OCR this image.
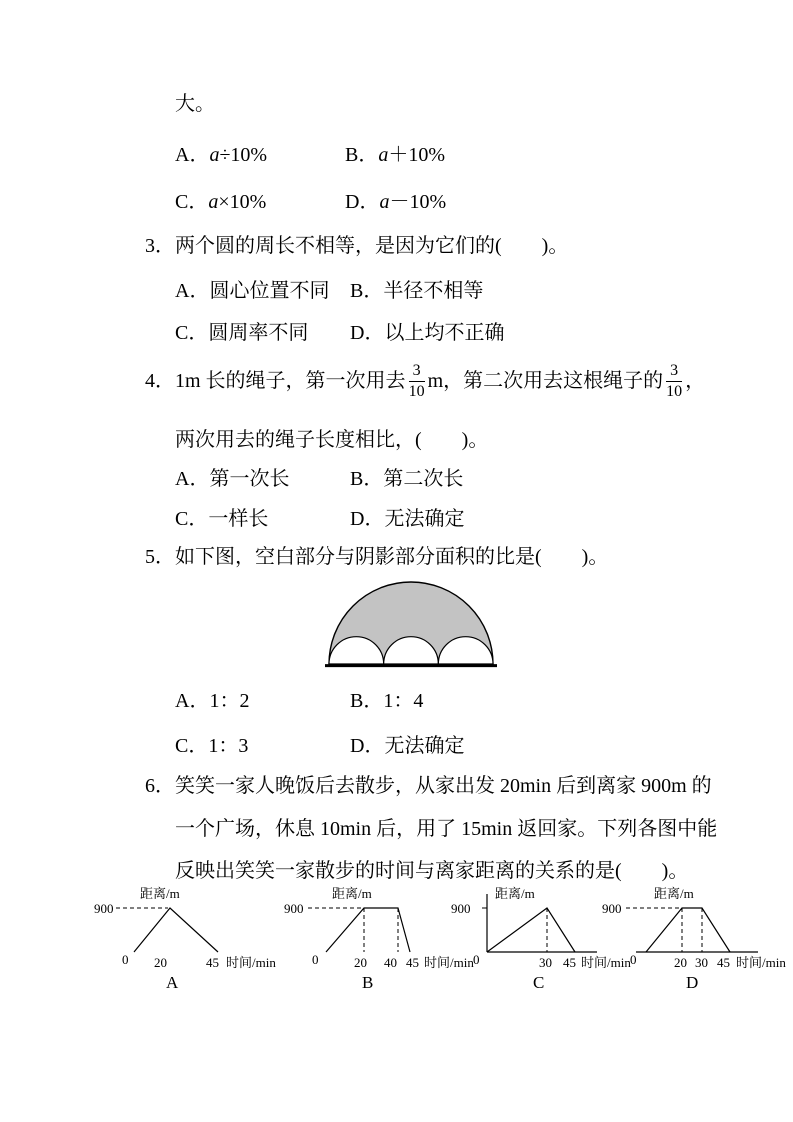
大。
A．a÷10%	B．a＋10%
C．a×10%	D．a－10%
3．两个圆的周长不相等，是因为它们的(　　)。
A．圆心位置不同 B．半径不相等
C．圆周率不同 D．以上均不正确
4． 1m 长的绳子，第一次用去 $\frac{3}{10}$ m，第二次用去这根绳子的 $\frac{3}{10}$ ，
两次用去的绳子长度相比，(　　)。
A．第一次长	B．第二次长
C．一样长	D．无法确定
5．如下图，空白部分与阴影部分面积的比是(　　)。
A．1：2	B．1：4
C．1：3	D．无法确定
6．笑笑一家人晚饭后去散步，从家出发 20min 后到离家 900m 的
一个广场，休息 10min 后，用了 15min 返回家。下列各图中能
反映出笑笑一家散步的时间与离家距离的关系的是(　　)。
距离/m
900
0 20	45 时间/min
A
距离/m
900
0	20 40 45 时间/min
B
距离/m
900
0	30 45 时间/min
C
距离/m
900
0	20 30 45 时间/min
D
